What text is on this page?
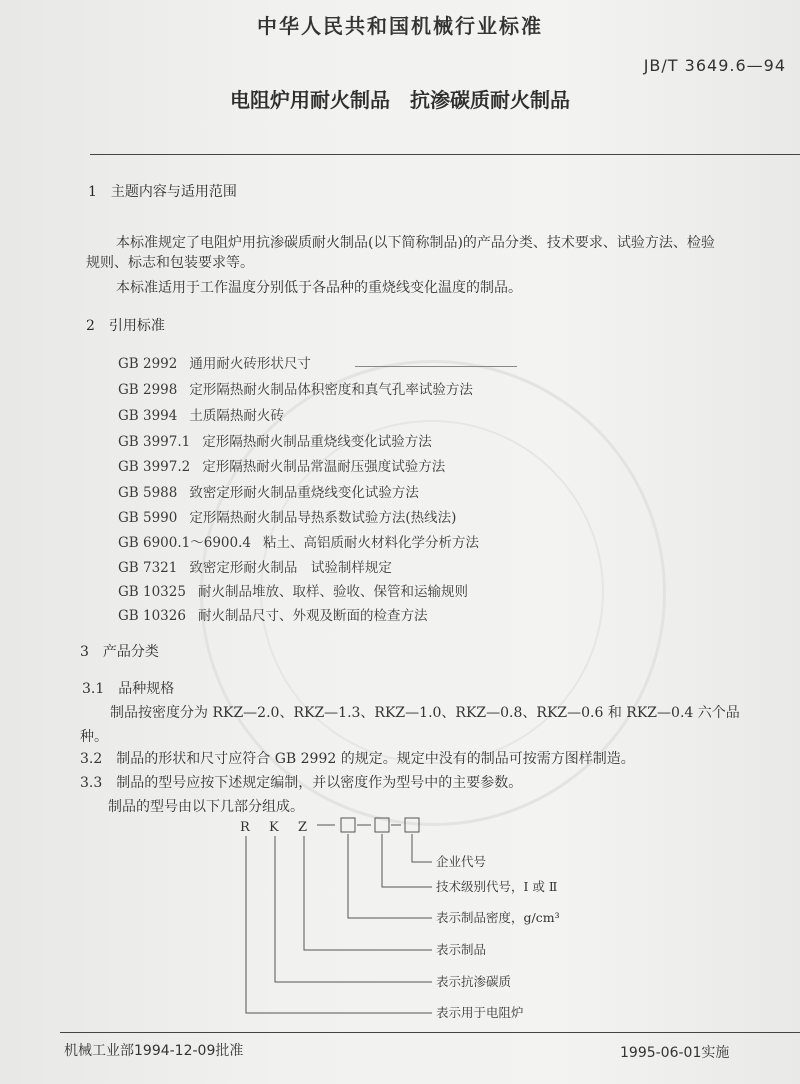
中华人民共和国机械行业标准
JB/T 3649.6—94
电阻炉用耐火制品　抗渗碳质耐火制品
1　主题内容与适用范围
本标准规定了电阻炉用抗渗碳质耐火制品(以下简称制品)的产品分类、技术要求、试验方法、检验
规则、标志和包装要求等。
本标准适用于工作温度分别低于各品种的重烧线变化温度的制品。
2　引用标准
GB 2992 通用耐火砖形状尺寸
GB 2998 定形隔热耐火制品体积密度和真气孔率试验方法
GB 3994 土质隔热耐火砖
GB 3997.1 定形隔热耐火制品重烧线变化试验方法
GB 3997.2 定形隔热耐火制品常温耐压强度试验方法
GB 5988 致密定形耐火制品重烧线变化试验方法
GB 5990 定形隔热耐火制品导热系数试验方法(热线法)
GB 6900.1～6900.4 粘土、高铝质耐火材料化学分析方法
GB 7321 致密定形耐火制品　试验制样规定
GB 10325 耐火制品堆放、取样、验收、保管和运输规则
GB 10326 耐火制品尺寸、外观及断面的检查方法
3　产品分类
3.1　品种规格
制品按密度分为 RKZ—2.0、RKZ—1.3、RKZ—1.0、RKZ—0.8、RKZ—0.6 和 RKZ—0.4 六个品
种。
3.2　制品的形状和尺寸应符合 GB 2992 的规定。规定中没有的制品可按需方图样制造。
3.3　制品的型号应按下述规定编制，并以密度作为型号中的主要参数。
制品的型号由以下几部分组成。
R K Z
企业代号
技术级别代号，Ⅰ 或 Ⅱ
表示制品密度，g/cm³
表示制品
表示抗渗碳质
表示用于电阻炉
机械工业部1994-12-09批准	1995-06-01实施
